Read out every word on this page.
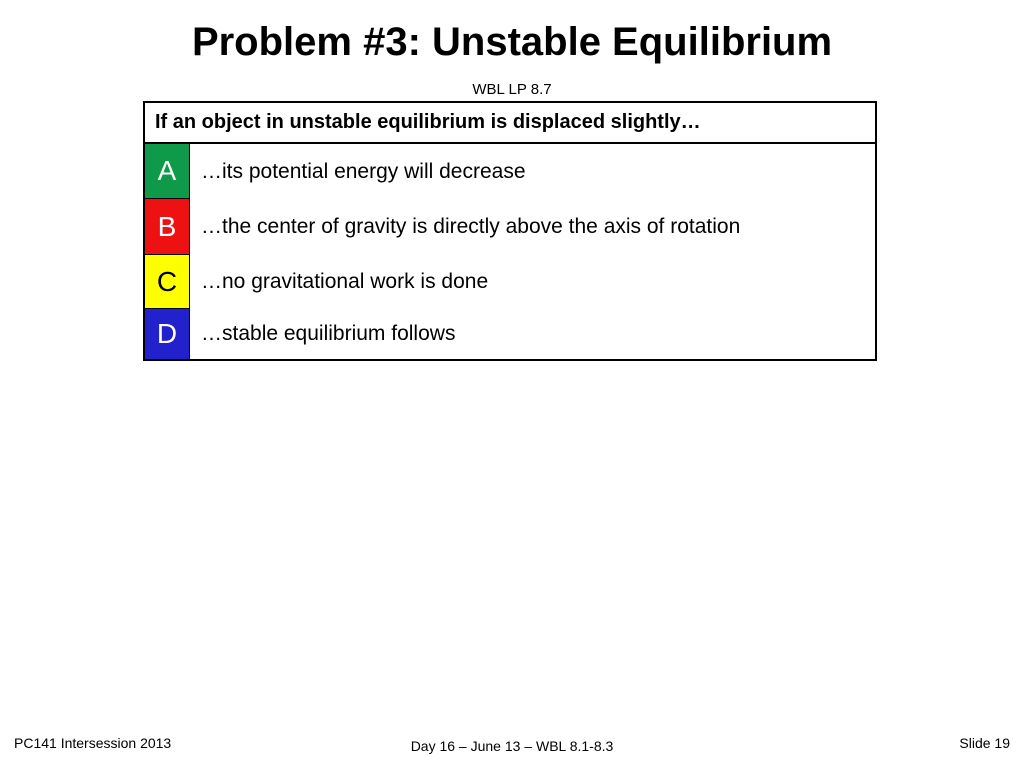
Problem #3: Unstable Equilibrium
WBL LP 8.7
If an object in unstable equilibrium is displaced slightly…
A	…its potential energy will decrease
B	…the center of gravity is directly above the axis of rotation
C	…no gravitational work is done
D	…stable equilibrium follows
PC141 Intersession 2013	Day 16 – June 13 – WBL 8.1-8.3	Slide 19
